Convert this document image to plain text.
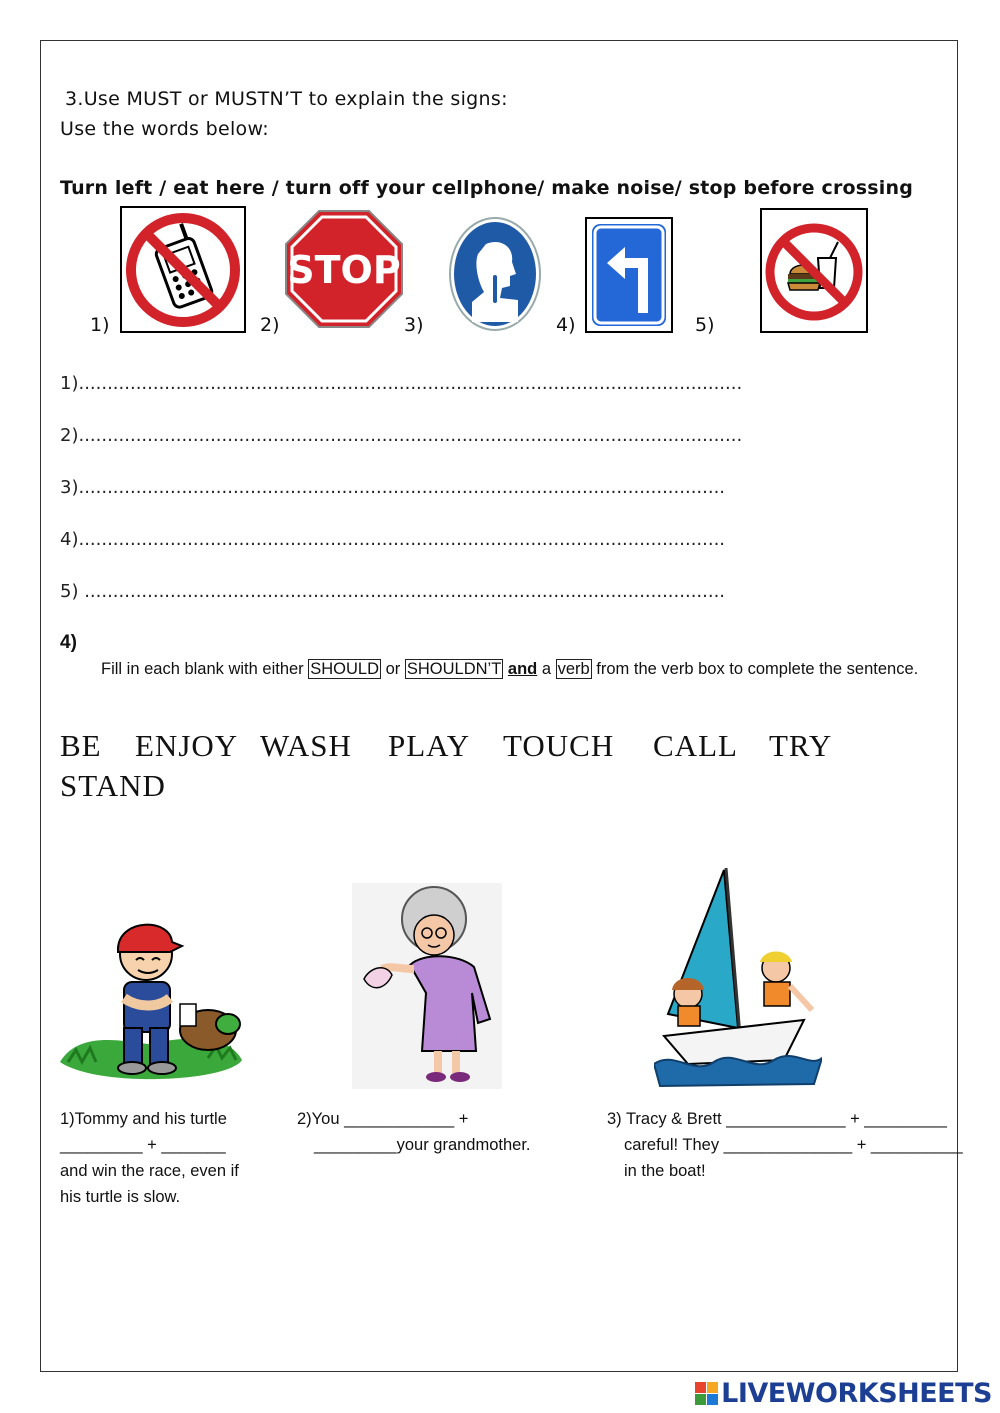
3.Use MUST or MUSTN’T to explain the signs:
Use the words below:
Turn left / eat here / turn off your cellphone/ make noise/ stop before crossing
1)	2)	3)	4)	5)
STOP
1)....................................................................................................................
2)....................................................................................................................
3).................................................................................................................
4).................................................................................................................
5) ................................................................................................................
4)
Fill in each blank with either SHOULD or SHOULDN’T and a verb from the verb box to complete the sentence.
BE ENJOY WASH PLAY TOUCH CALL TRY
STAND
1)Tommy and his turtle
_________ + _______
and win the race, even if
his turtle is slow.
2)You ____________ +
_________your grandmother.
3) Tracy & Brett _____________ + _________
careful! They ______________ + __________
in the boat!
LIVEWORKSHEETS
